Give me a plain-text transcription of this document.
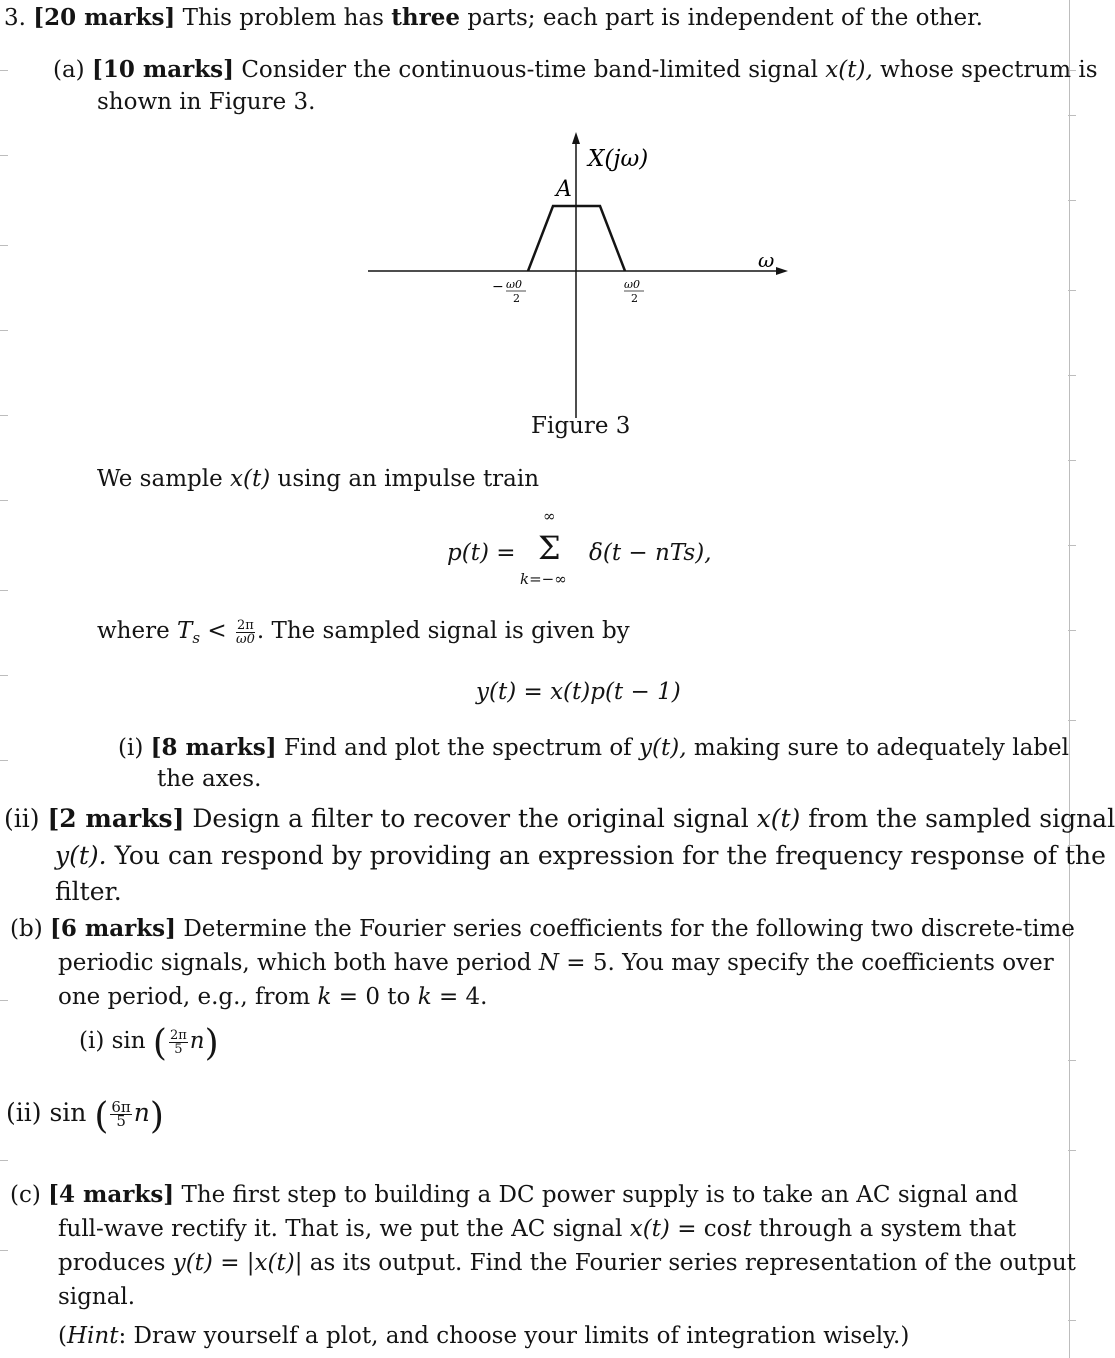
3. [20 marks] This problem has three parts; each part is independent of the other.
(a) [10 marks] Consider the continuous-time band-limited signal x(t), whose spectrum is
shown in Figure 3.
X(jω)
A
ω
− ω0
2
ω0
2
Figure 3
We sample x(t) using an impulse train
p(t) = Σ
∞
k=−∞
δ(t − nTs),
where $T_s < \frac{2\pi}{\omega 0}$ . The sampled signal is given by
y(t) = x(t)p(t − 1)
(i) [8 marks] Find and plot the spectrum of y(t), making sure to adequately label
the axes.
(ii) [2 marks] Design a filter to recover the original signal x(t) from the sampled signal
y(t). You can respond by providing an expression for the frequency response of the
filter.
(b) [6 marks] Determine the Fourier series coefficients for the following two discrete-time
periodic signals, which both have period N = 5. You may specify the coefficients over
one period, e.g., from k = 0 to k = 4.
(i) sin ( $\frac{2\pi}{5} n$)
(ii) sin ( $\frac{6\pi}{5} n$)
(c) [4 marks] The first step to building a DC power supply is to take an AC signal and
full-wave rectify it. That is, we put the AC signal x(t) = cost through a system that
produces y(t) = |x(t)| as its output. Find the Fourier series representation of the output
signal.
(Hint: Draw yourself a plot, and choose your limits of integration wisely.)
